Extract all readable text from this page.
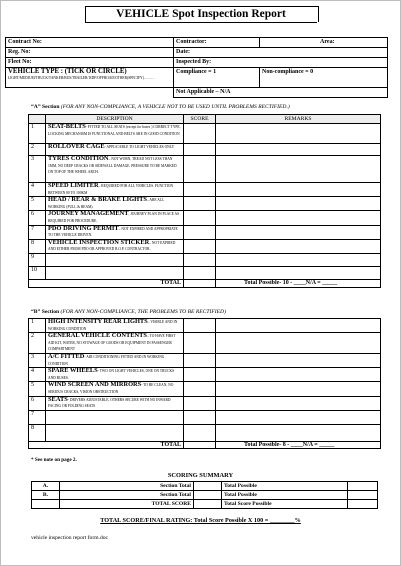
VEHICLE Spot Inspection Report
Contract No:	Contractor:	Area:
Reg. No:	Date:	
Fleet No:	Inspected By:	
VEHICLE TYPE : (TICK OR CIRCLE)
LIGHT/MEDIUM/TRUCK/TANKER/BUS/TRAILER/ RDF/OFFROAD/OTHER(SPECIFY)………	Compliance = 1	Non-compliance = 0
	Not Applicable – N/A	
“A” Section (FOR ANY NON-COMPLIANCE, A VEHICLE NOT TO BE USED UNTIL PROBLEMS RECTIFIED.)
	DESCRIPTION	SCORE	REMARKS
1	SEAT-BELTS- FITTED TO ALL SEATS (except for buses ) CORRECT TYPE, LOCKING MECHANISM IS FUNCTIONAL AND BELTS ARE IN GOOD CONDITION		
2	ROLLOVER CAGE- APPLICABLE TO LIGHT VEHICLES ONLY		
3	TYRES CONDITION– NOT WORN, TREAD NOT LESS THAN 1MM, NO DEEP CRACKS OR SIDEWALL DAMAGE. PRESSURE TO BE MARKED ON TOP OF THE WHEEL ARCH.		
4	SPEED LIMITER– REQUIRED FOR ALL VEHICLES. FUNCTION BETWEEN 80 TO 100KM		
5	HEAD / REAR & BRAKE LIGHTS– ARE ALL WORKING (FULL & BEAM).		
6	JOURNEY MANAGEMENT, JOURNEY PLAN IN PLACE AS REQUIRED FOR PROCEDURE.		
7	PDO DRIVING PERMIT– NOT EXPIRED AND APPROPRIATE TO THE VEHICLE DRIVEN.		
8	VEHICLE INSPECTION STICKER– NOT EXPIRED AND EITHER FROM PDO OR APPROVED R.O.P. CONTRACTOR.		
9			
10			
TOTAL			Total Possible- 10 - ____N/A = _____
“B” Section (FOR ANY NON-COMPLIANCE, THE PROBLEMS TO BE RECTIFIED)
1	HIGH INTENSITY REAR LIGHTS– VISIBLE AND IN WORKING CONDITION		
2	GENERAL VEHICLE CONTENTS– TO HAVE FIRST AID KIT, WATER, NO STOWAGE OF GOODS OR EQUIPMENT IN PASSENGER COMPARTMENT		
3	A/C FITTED- AIR CONDITIONING FITTED AND IN WORKING CONDITION		
4	SPARE WHEELS- TWO ON LIGHT VEHICLES, ONE ON TRUCKS AND BUSES.		
5	WIND SCREEN AND MIRRORS- TO BE CLEAN, NO SERIOUS CRACKS, VISION OBSTRUCTION		
6	SEATS- DRIVERS ADJUSTABLE, OTHERS SECURE WITH NO INWARD FACING OR FOLDING SEATS		
7			
8			
TOTAL			Total Possible- 8 - ____N/A = _____
* See note on page 2.
SCORING SUMMARY
A.	Section Total		Total Possible	
B.	Section Total		Total Possible	
	TOTAL SCORE		Total Score Possible	
TOTAL SCORE/FINAL RATING: Total Score Possible X 100 = ________%
vehicle inspection report form.doc
